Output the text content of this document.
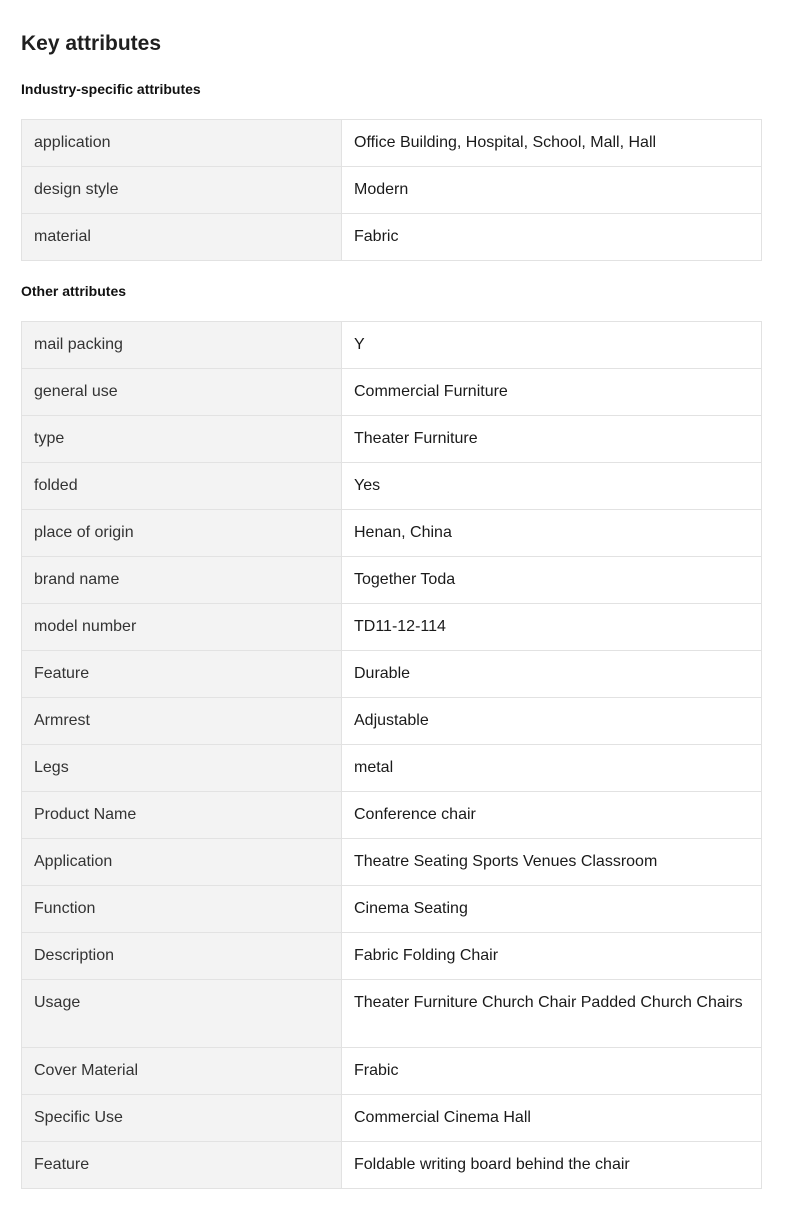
Key attributes
Industry-specific attributes
application	Office Building, Hospital, School, Mall, Hall
design style	Modern
material	Fabric
Other attributes
mail packing	Y
general use	Commercial Furniture
type	Theater Furniture
folded	Yes
place of origin	Henan, China
brand name	Together Toda
model number	TD11-12-114
Feature	Durable
Armrest	Adjustable
Legs	metal
Product Name	Conference chair
Application	Theatre Seating Sports Venues Classroom
Function	Cinema Seating
Description	Fabric Folding Chair
Usage	Theater Furniture Church Chair Padded Church Chairs
Cover Material	Frabic
Specific Use	Commercial Cinema Hall
Feature	Foldable writing board behind the chair
